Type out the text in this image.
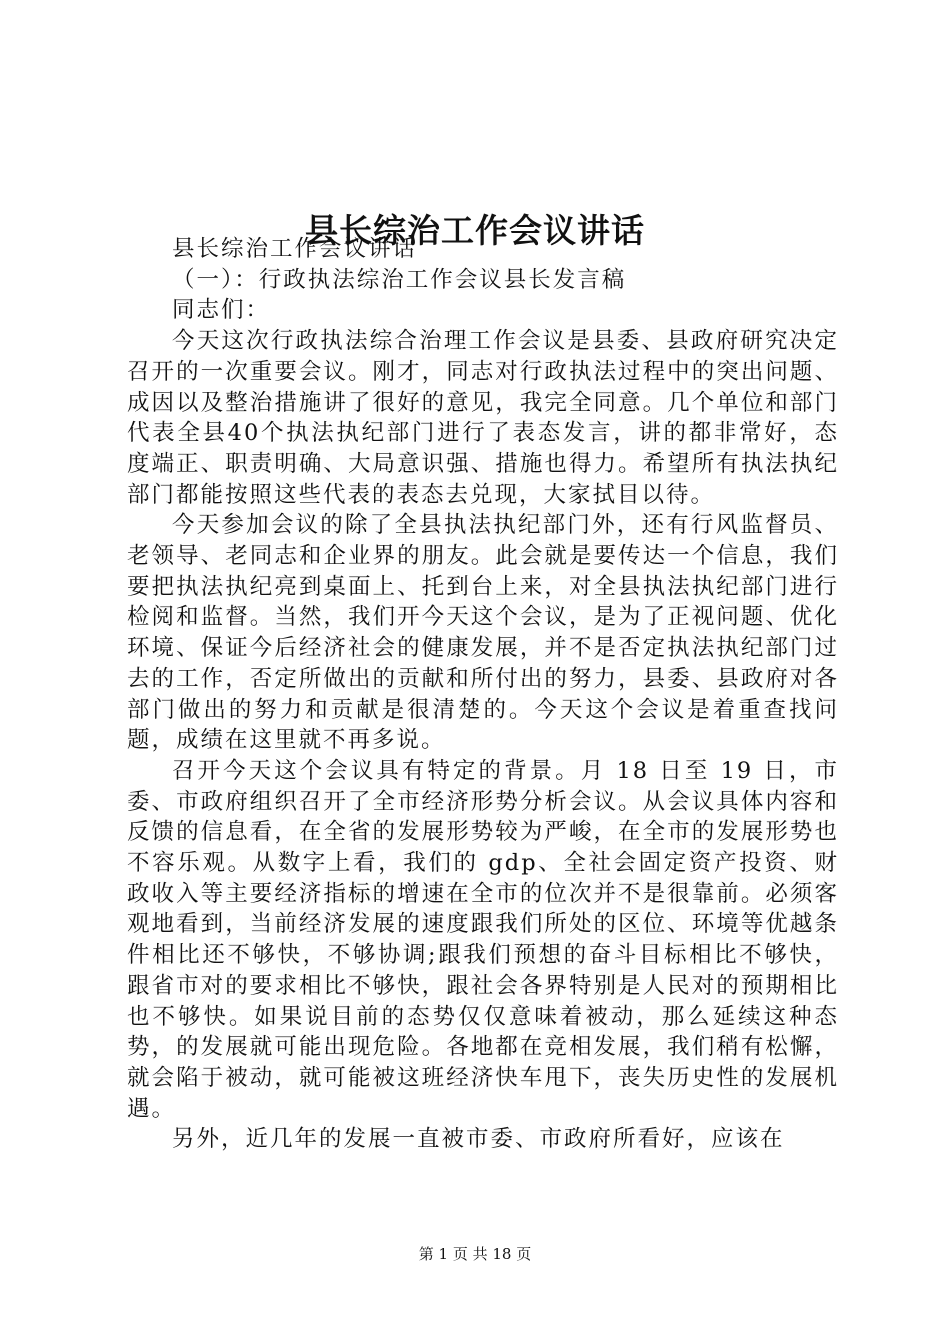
县长综治工作会议讲话

县长综治工作会议讲话

（一）：行政执法综治工作会议县长发言稿

同志们：

今天这次行政执法综合治理工作会议是县委、县政府研究决定召开的一次重要会议。刚才，同志对行政执法过程中的突出问题、成因以及整治措施讲了很好的意见，我完全同意。几个单位和部门代表全县40个执法执纪部门进行了表态发言，讲的都非常好，态度端正、职责明确、大局意识强、措施也得力。希望所有执法执纪部门都能按照这些代表的表态去兑现，大家拭目以待。

今天参加会议的除了全县执法执纪部门外，还有行风监督员、老领导、老同志和企业界的朋友。此会就是要传达一个信息，我们要把执法执纪亮到桌面上、托到台上来，对全县执法执纪部门进行检阅和监督。当然，我们开今天这个会议，是为了正视问题、优化环境、保证今后经济社会的健康发展，并不是否定执法执纪部门过去的工作，否定所做出的贡献和所付出的努力，县委、县政府对各部门做出的努力和贡献是很清楚的。今天这个会议是着重查找问题，成绩在这里就不再多说。

召开今天这个会议具有特定的背景。月 18 日至 19 日，市委、市政府组织召开了全市经济形势分析会议。从会议具体内容和反馈的信息看，在全省的发展形势较为严峻，在全市的发展形势也不容乐观。从数字上看，我们的 gdp、全社会固定资产投资、财政收入等主要经济指标的增速在全市的位次并不是很靠前。必须客观地看到，当前经济发展的速度跟我们所处的区位、环境等优越条件相比还不够快，不够协调;跟我们预想的奋斗目标相比不够快，跟省市对的要求相比不够快，跟社会各界特别是人民对的预期相比也不够快。如果说目前的态势仅仅意味着被动，那么延续这种态势，的发展就可能出现危险。各地都在竞相发展，我们稍有松懈，就会陷于被动，就可能被这班经济快车甩下，丧失历史性的发展机遇。

另外，近几年的发展一直被市委、市政府所看好，应该在

第 1 页 共 18 页
